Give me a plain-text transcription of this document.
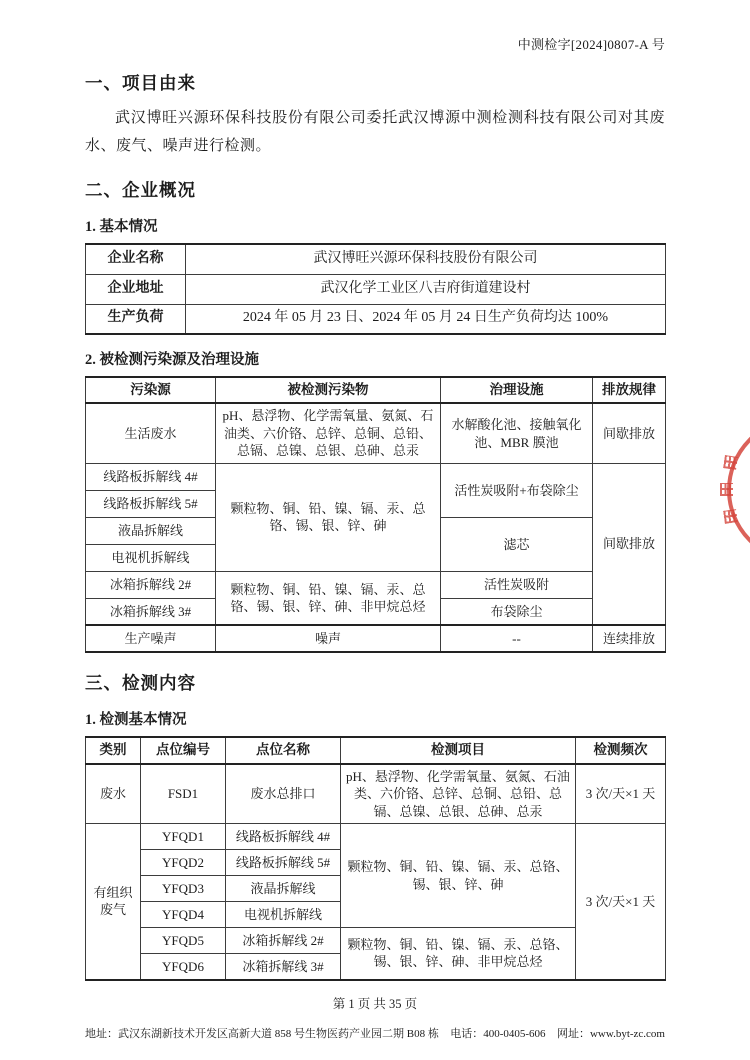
中测检字[2024]0807-A 号
一、项目由来
武汉博旺兴源环保科技股份有限公司委托武汉博源中测检测科技有限公司对其废水、废气、噪声进行检测。
二、企业概况
1. 基本情况
企业名称	武汉博旺兴源环保科技股份有限公司
企业地址	武汉化学工业区八吉府街道建设村
生产负荷	2024 年 05 月 23 日、2024 年 05 月 24 日生产负荷均达 100%
2. 被检测污染源及治理设施
污染源	被检测污染物	治理设施	排放规律
生活废水	pH、悬浮物、化学需氧量、氨氮、石油类、六价铬、总锌、总铜、总铅、总镉、总镍、总银、总砷、总汞	水解酸化池、接触氧化池、MBR 膜池	间歇排放
线路板拆解线 4#	颗粒物、铜、铅、镍、镉、汞、总铬、锡、银、锌、砷	活性炭吸附+布袋除尘	间歇排放
线路板拆解线 5#			
液晶拆解线		滤芯	
电视机拆解线			
冰箱拆解线 2#	颗粒物、铜、铅、镍、镉、汞、总铬、锡、银、锌、砷、非甲烷总烃	活性炭吸附	
冰箱拆解线 3#		布袋除尘	
生产噪声	噪声	--	连续排放
三、检测内容
1. 检测基本情况
类别	点位编号	点位名称	检测项目	检测频次
废水	FSD1	废水总排口	pH、悬浮物、化学需氧量、氨氮、石油类、六价铬、总锌、总铜、总铅、总镉、总镍、总银、总砷、总汞	3 次/天×1 天
有组织废气	YFQD1	线路板拆解线 4#	颗粒物、铜、铅、镍、镉、汞、总铬、锡、银、锌、砷	3 次/天×1 天
	YFQD2	线路板拆解线 5#		
	YFQD3	液晶拆解线		
	YFQD4	电视机拆解线		
	YFQD5	冰箱拆解线 2#	颗粒物、铜、铅、镍、镉、汞、总铬、锡、银、锌、砷、非甲烷总烃	
	YFQD6	冰箱拆解线 3#		
第 1 页 共 35 页
地址：武汉东湖新技术开发区高新大道 858 号生物医药产业园二期 B08 栋 电话：400-0405-606 网址：www.byt-zc.com
